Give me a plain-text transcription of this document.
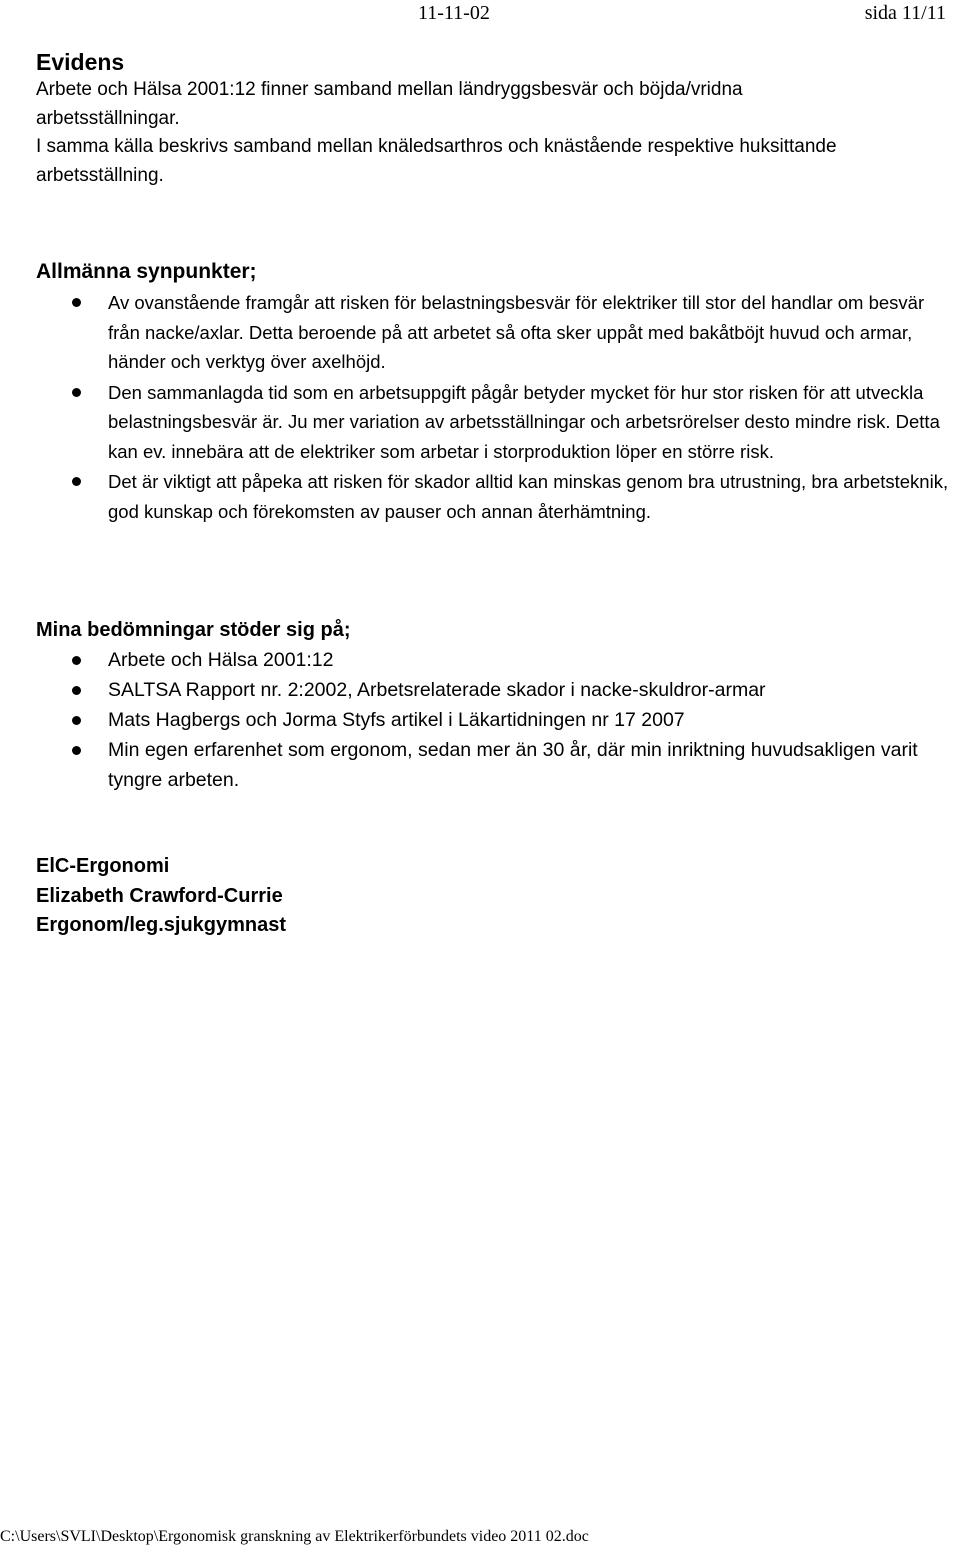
11-11-02	sida 11/11
Evidens

Arbete och Hälsa 2001:12 finner samband mellan ländryggsbesvär och böjda/vridna

arbetsställningar.

I samma källa beskrivs samband mellan knäledsarthros och knästående respektive huksittande

arbetsställning.

Allmänna synpunkter;
Av ovanstående framgår att risken för belastningsbesvär för elektriker till stor del handlar om besvär från nacke/axlar. Detta beroende på att arbetet så ofta sker uppåt med bakåtböjt huvud och armar, händer och verktyg över axelhöjd.
Den sammanlagda tid som en arbetsuppgift pågår betyder mycket för hur stor risken för att utveckla belastningsbesvär är. Ju mer variation av arbetsställningar och arbetsrörelser desto mindre risk. Detta kan ev. innebära att de elektriker som arbetar i storproduktion löper en större risk.
Det är viktigt att påpeka att risken för skador alltid kan minskas genom bra utrustning, bra arbetsteknik, god kunskap och förekomsten av pauser och annan återhämtning.
Mina bedömningar stöder sig på;
Arbete och Hälsa 2001:12
SALTSA Rapport nr. 2:2002, Arbetsrelaterade skador i nacke-skuldror-armar
Mats Hagbergs och Jorma Styfs artikel i Läkartidningen nr 17 2007
Min egen erfarenhet som ergonom, sedan mer än 30 år, där min inriktning huvudsakligen varit tyngre arbeten.
ElC-Ergonomi
Elizabeth Crawford-Currie
Ergonom/leg.sjukgymnast
C:\Users\SVLI\Desktop\Ergonomisk granskning av Elektrikerförbundets video 2011 02.doc
